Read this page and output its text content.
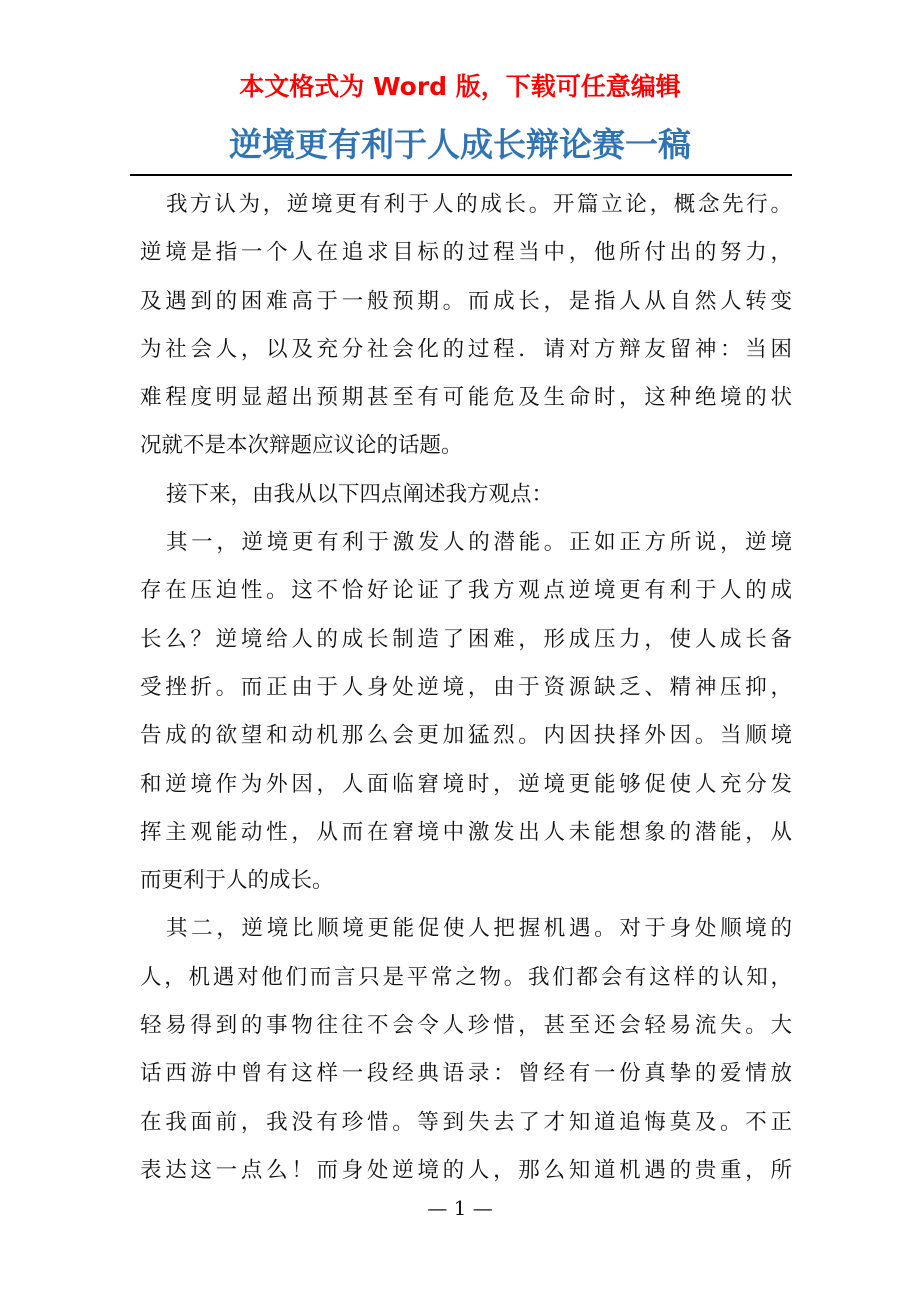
本文格式为 Word 版，下载可任意编辑
逆境更有利于人成长辩论赛一稿
我方认为，逆境更有利于人的成长。开篇立论，概念先行。
逆境是指一个人在追求目标的过程当中，他所付出的努力，
及遇到的困难高于一般预期。而成长，是指人从自然人转变
为社会人，以及充分社会化的过程．请对方辩友留神：当困
难程度明显超出预期甚至有可能危及生命时，这种绝境的状
况就不是本次辩题应议论的话题。
接下来，由我从以下四点阐述我方观点：
其一，逆境更有利于激发人的潜能。正如正方所说，逆境
存在压迫性。这不恰好论证了我方观点逆境更有利于人的成
长么？逆境给人的成长制造了困难，形成压力，使人成长备
受挫折。而正由于人身处逆境，由于资源缺乏、精神压抑，
告成的欲望和动机那么会更加猛烈。内因抉择外因。当顺境
和逆境作为外因，人面临窘境时，逆境更能够促使人充分发
挥主观能动性，从而在窘境中激发出人未能想象的潜能，从
而更利于人的成长。
其二，逆境比顺境更能促使人把握机遇。对于身处顺境的
人，机遇对他们而言只是平常之物。我们都会有这样的认知，
轻易得到的事物往往不会令人珍惜，甚至还会轻易流失。大
话西游中曾有这样一段经典语录：曾经有一份真挚的爱情放
在我面前，我没有珍惜。等到失去了才知道追悔莫及。不正
表达这一点么！而身处逆境的人，那么知道机遇的贵重，所
— 1 —
